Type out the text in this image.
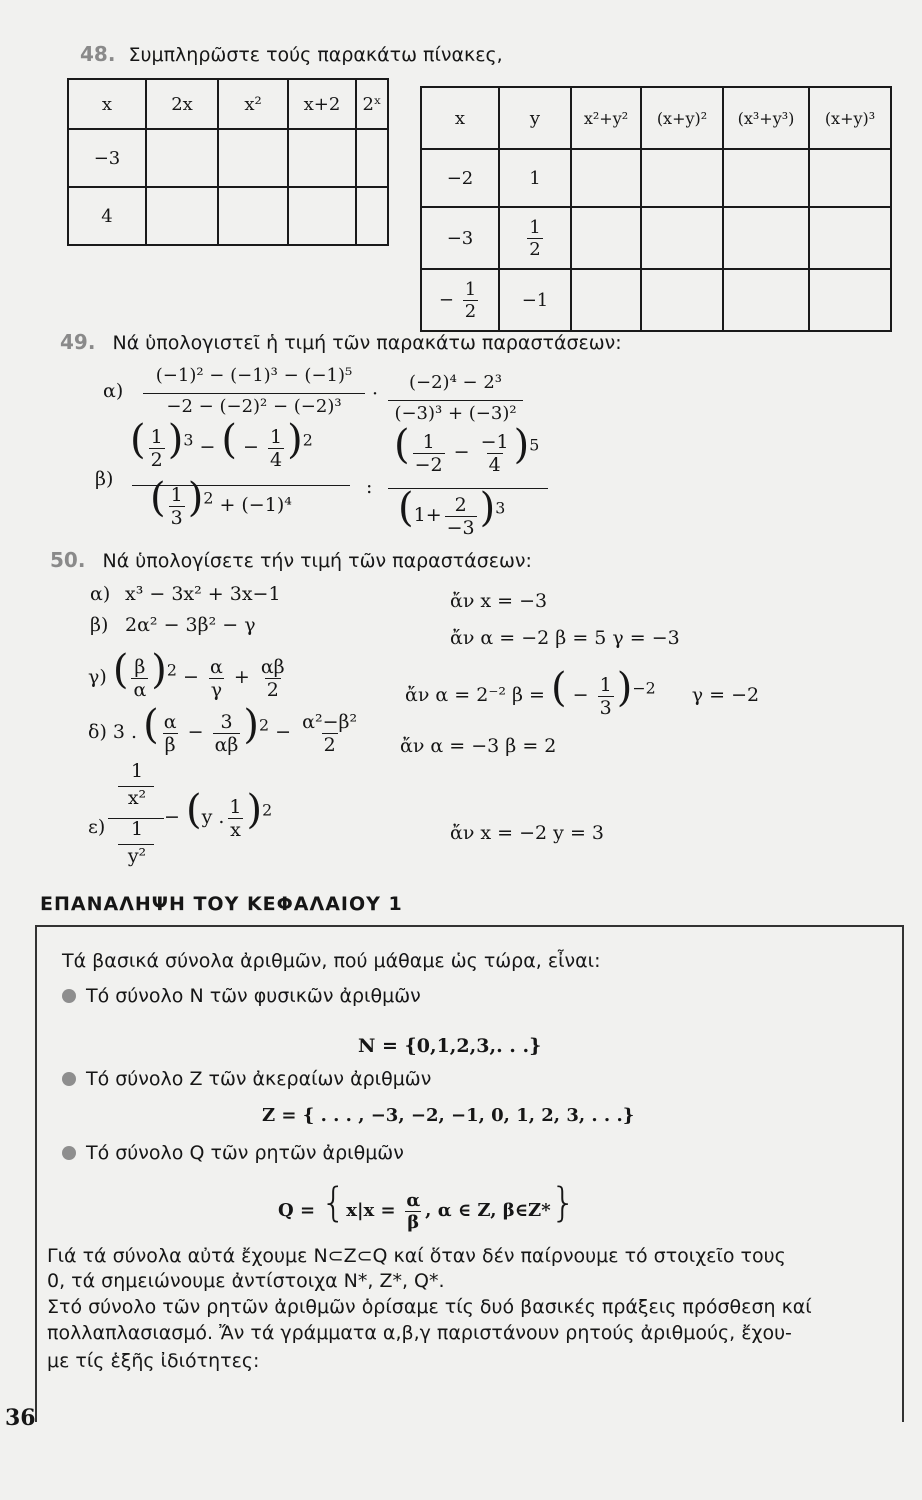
48. Συμπληρῶστε τούς παρακάτω πίνακες,
x	2x	x²	x+2	2ˣ
−3				
4				
x	y	x²+y²	(x+y)²	(x³+y³)	(x+y)³
−2	1				
−3	$\frac{1}{2}$

− $\frac{1}{2}$	−1				
49. Νά ὑπολογιστεῖ ἡ τιμή τῶν παρακάτω παραστάσεων:
α)
(−1)² − (−1)³ − (−1)⁵
−2 − (−2)² − (−2)³
·
(−2)⁴ − 2³
(−3)³ + (−3)²
β)
( $\frac{1}{2} )^3$ − ( − $\frac{1}{4} )^2$
( $\frac{1}{3} )^2 + (-1)^4$
:
( $\frac{1}{-2} - \frac{-1}{4} )^5$
$(1+ \frac{2}{-3} )^3$
50. Νά ὑπολογίσετε τήν τιμή τῶν παραστάσεων:
α) x³ − 3x² + 3x−1	ἄν x = −3
β) 2α² − 3β² − γ
ἄν α = −2 β = 5 γ = −3
γ) ( $\frac{\beta}{\alpha} )^2 - \frac{\alpha}{\gamma} + \frac{\alpha\beta}{2}$	ἄν α = 2⁻² β = ( − $\frac{1}{3} )^{-2}$ γ = −2
δ) 3 . ( $\frac{\alpha}{\beta} - \frac{3}{\alpha\beta} )^2 - \frac{\text{α²−β²}}{2}$ ἄν α = −3 β = 2
ε)
1
x²
1
y²
− (y . $\frac{1}{x} )^2$
ἄν x = −2 y = 3
ΕΠΑΝΑΛΗΨΗ ΤΟΥ ΚΕΦΑΛΑΙΟΥ 1
Τά βασικά σύνολα ἀριθμῶν, πού μάθαμε ὡς τώρα, εἶναι:
Τό σύνολο N τῶν φυσικῶν ἀριθμῶν
N = {0,1,2,3,. . .}
Τό σύνολο Z τῶν ἀκεραίων ἀριθμῶν
Z = { . . . , −3, −2, −1, 0, 1, 2, 3, . . .}
Τό σύνολο Q τῶν ρητῶν ἀριθμῶν
$Q = \{x|x = \frac{\alpha}{\beta}$ , α ∈ Z, β∈Z*}
Γιά τά σύνολα αὐτά ἔχουμε N⊂Z⊂Q καί ὅταν δέν παίρνουμε τό στοιχεῖο τους
0, τά σημειώνουμε ἀντίστοιχα N*, Z*, Q*.
Στό σύνολο τῶν ρητῶν ἀριθμῶν ὁρίσαμε τίς δυό βασικές πράξεις πρόσθεση καί
πολλαπλασιασμό. Ἄν τά γράμματα α,β,γ παριστάνουν ρητούς ἀριθμούς, ἔχου-
με τίς ἑξῆς ἰδιότητες:
36
